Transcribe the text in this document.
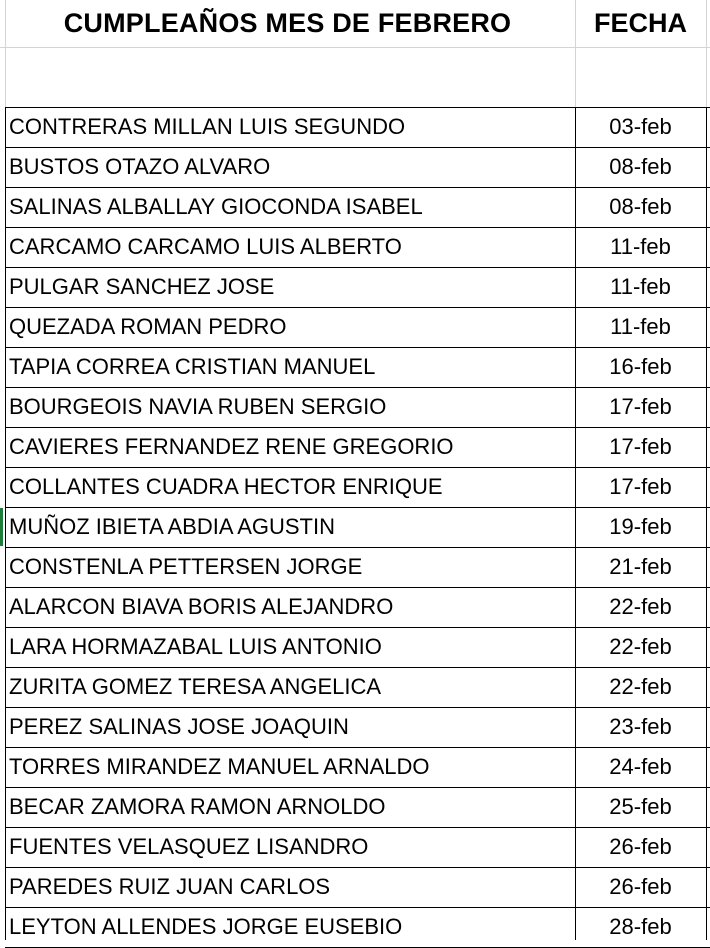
CUMPLEAÑOS MES DE FEBRERO	FECHA
CONTRERAS MILLAN LUIS SEGUNDO	03-feb
BUSTOS OTAZO ALVARO	08-feb
SALINAS ALBALLAY GIOCONDA ISABEL	08-feb
CARCAMO CARCAMO LUIS ALBERTO	11-feb
PULGAR SANCHEZ JOSE	11-feb
QUEZADA ROMAN PEDRO	11-feb
TAPIA CORREA CRISTIAN MANUEL	16-feb
BOURGEOIS NAVIA RUBEN SERGIO	17-feb
CAVIERES FERNANDEZ RENE GREGORIO	17-feb
COLLANTES CUADRA HECTOR ENRIQUE	17-feb
MUÑOZ IBIETA ABDIA AGUSTIN	19-feb
CONSTENLA PETTERSEN JORGE	21-feb
ALARCON BIAVA BORIS ALEJANDRO	22-feb
LARA HORMAZABAL LUIS ANTONIO	22-feb
ZURITA GOMEZ TERESA ANGELICA	22-feb
PEREZ SALINAS JOSE JOAQUIN	23-feb
TORRES MIRANDEZ MANUEL ARNALDO	24-feb
BECAR ZAMORA RAMON ARNOLDO	25-feb
FUENTES VELASQUEZ LISANDRO	26-feb
PAREDES RUIZ JUAN CARLOS	26-feb
LEYTON ALLENDES JORGE EUSEBIO	28-feb
